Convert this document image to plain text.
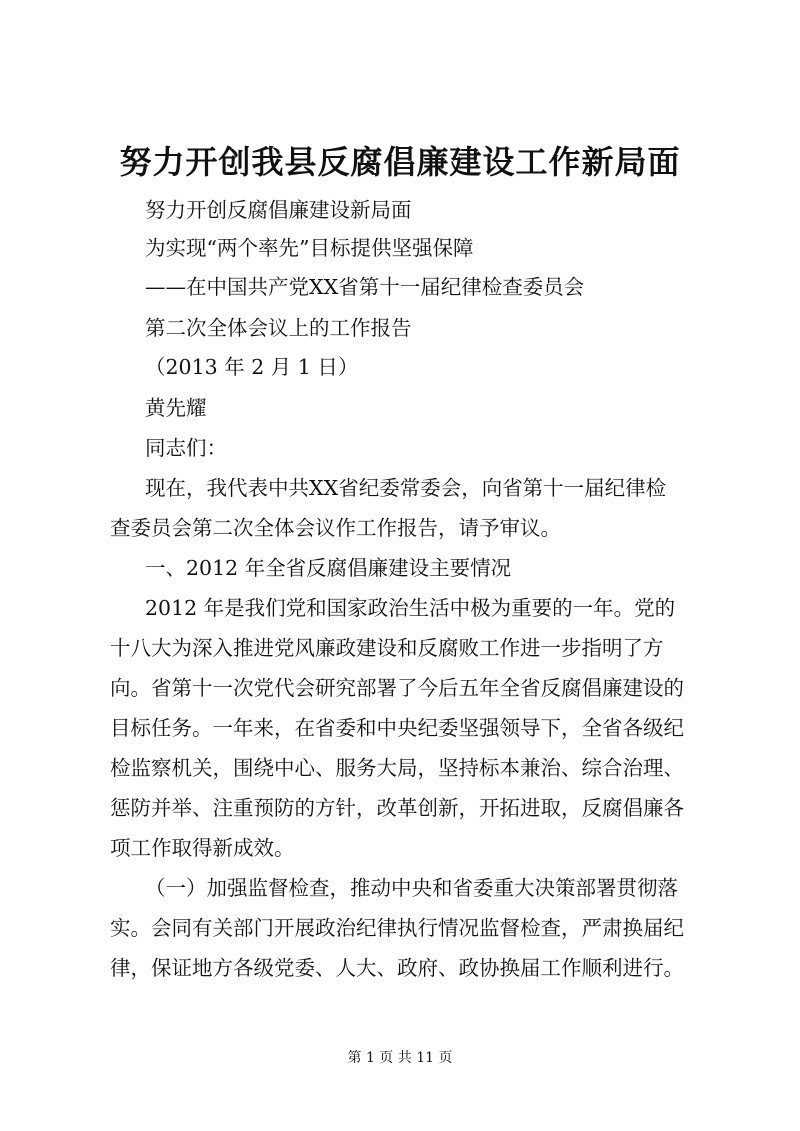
努力开创我县反腐倡廉建设工作新局面
努力开创反腐倡廉建设新局面
为实现“两个率先”目标提供坚强保障
——在中国共产党XX省第十一届纪律检查委员会
第二次全体会议上的工作报告
（2013 年 2 月 1 日）
黄先耀
同志们：
现在，我代表中共XX省纪委常委会，向省第十一届纪律检
查委员会第二次全体会议作工作报告，请予审议。
一、2012 年全省反腐倡廉建设主要情况
2012 年是我们党和国家政治生活中极为重要的一年。党的
十八大为深入推进党风廉政建设和反腐败工作进一步指明了方
向。省第十一次党代会研究部署了今后五年全省反腐倡廉建设的
目标任务。一年来，在省委和中央纪委坚强领导下，全省各级纪
检监察机关，围绕中心、服务大局，坚持标本兼治、综合治理、
惩防并举、注重预防的方针，改革创新，开拓进取，反腐倡廉各
项工作取得新成效。
（一）加强监督检查，推动中央和省委重大决策部署贯彻落
实。会同有关部门开展政治纪律执行情况监督检查，严肃换届纪
律，保证地方各级党委、人大、政府、政协换届工作顺利进行。
第 1 页 共 11 页
